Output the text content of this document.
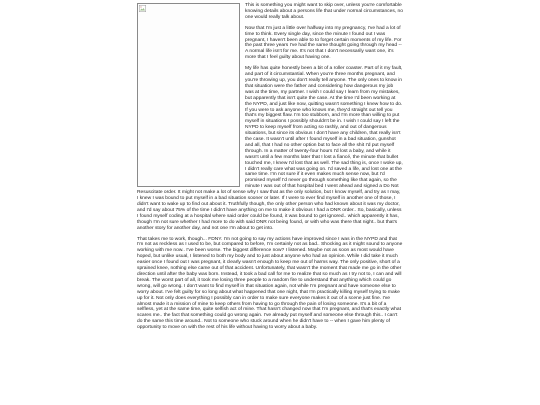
This is something you might want to skip over, unless you're comfortable knowing details about a persons life that under normal circumstances, no one would really talk about.

Now that I'm just a little over halfway into my pregnancy, I've had a lot of time to think. Every single day, since the minute I found out I was pregnant, I haven't been able to to forget certain moments of my life. For the past three years I've had the same thought going through my head -- A normal life isn't for me. It's not that I don't necessarily want one, it's more that I feel guilty about having one.

My life has quite honestly been a bit of a roller coaster. Part of it my fault, and part of it circumstantial. When you're three months pregnant, and you're throwing up, you don't really tell anyone. The only ones to know in that situation were the father and considering how dangerous my job was at the time, my partner. I wish I could say I learn from my mistakes, but apparently that isn't quite the case. At the time I'd been working at the NYPD, and just like now, quitting wasn't something I knew how to do. If you were to ask anyone who knows me, they'd straight out tell you that's my biggest flaw. I'm too stubborn, and I'm more than willing to put myself in situations I possibly shouldn't be in. I wish I could say I left the NYPD to keep myself from acting so rashly, and out of dangerous situations, but since its obvious I don't have any children, that really isn't the case. It wasn't until after I found myself in a bad situation, gunshot and all, that I had no other option but to face all the shit I'd put myself through. In a matter of twenty-four hours I'd lost a baby, and while it wasn't until a few months later that I lost a fiancé, the minute that bullet touched me, I knew I'd lost that as well. The sad thing is, once I woke up, I didn't really care what was going on. I'd saved a life, and lost one at the same time. I'm not sure if it even makes much sense now, but I'd promised myself I'd never go through something like that again, so the minute I was out of that hospital bed I went ahead and signed a Do Not Resuscitate order. It might not make a lot of sense why I saw that as the only solution, but I know myself, and try as I may, I knew I was bound to put myself in a bad situation sooner or later. If I were to ever find myself in another one of those, I didn't want to wake up to find out about it. Truthfully though, the only other person who had known about it was my doctor, and I'd say about 75% of the time I didn't have anything on me to make it obvious I had a DNR order.. So, basically, unless I found myself coding at a hospital where said order could be found, it was bound to get ignored.. which apparently it has, though I'm not sure whether I had more to do with said DNR not being found, or with who was there that night.. but that's another story for another day, and not one I'm about to get into.

That takes me to work, though... FDNY. I'm not going to say my actions have improved since I was in the NYPD and that I'm not as reckless as I used to be, but compared to before, I'm certainly not as bad.. Shocking as it might sound to anyone working with me now.. I've been worse. The biggest difference now? I listened. Maybe not as soon as most would have hoped, but unlike usual, I listened to both my body and to just about anyone who had an opinion. While I did take it much easier once I found out I was pregnant, it clearly wasn't enough to keep me out of harms way. The only positive, short of a sprained knee, nothing else came out of that accident. Unfortunately, that wasn't the moment that made me go in the other direction until after the baby was born. Instead, it took a bad call for me to realize that so much as I try not to, I can and will break. The worst part of all, it took me losing three people to a random fire to understand that anything which could go wrong, will go wrong. I don't want to find myself in that situation again, not while I'm pregnant and have someone else to worry about. I've felt guilty for so long about what happened that one night, that I'm practically killing myself trying to make up for it. Not only does everything I possibly can in order to make sure everyone makes it out of a scene just fine. I've almost made it a mission of mine to keep others from having to go through the pain of losing someone. It's a bit of a selfless, yet at the same time, quite selfish act of mine. That hasn't changed now that I'm pregnant, and that's exactly what scares me.. the fact that something could go wrong again. I've already put myself and someone else through this.. I can't do the same this time around.. Not to someone who stuck around when he didn't have to -- when I gave him plenty of opportunity to move on with the rest of his life without having to worry about a baby.
